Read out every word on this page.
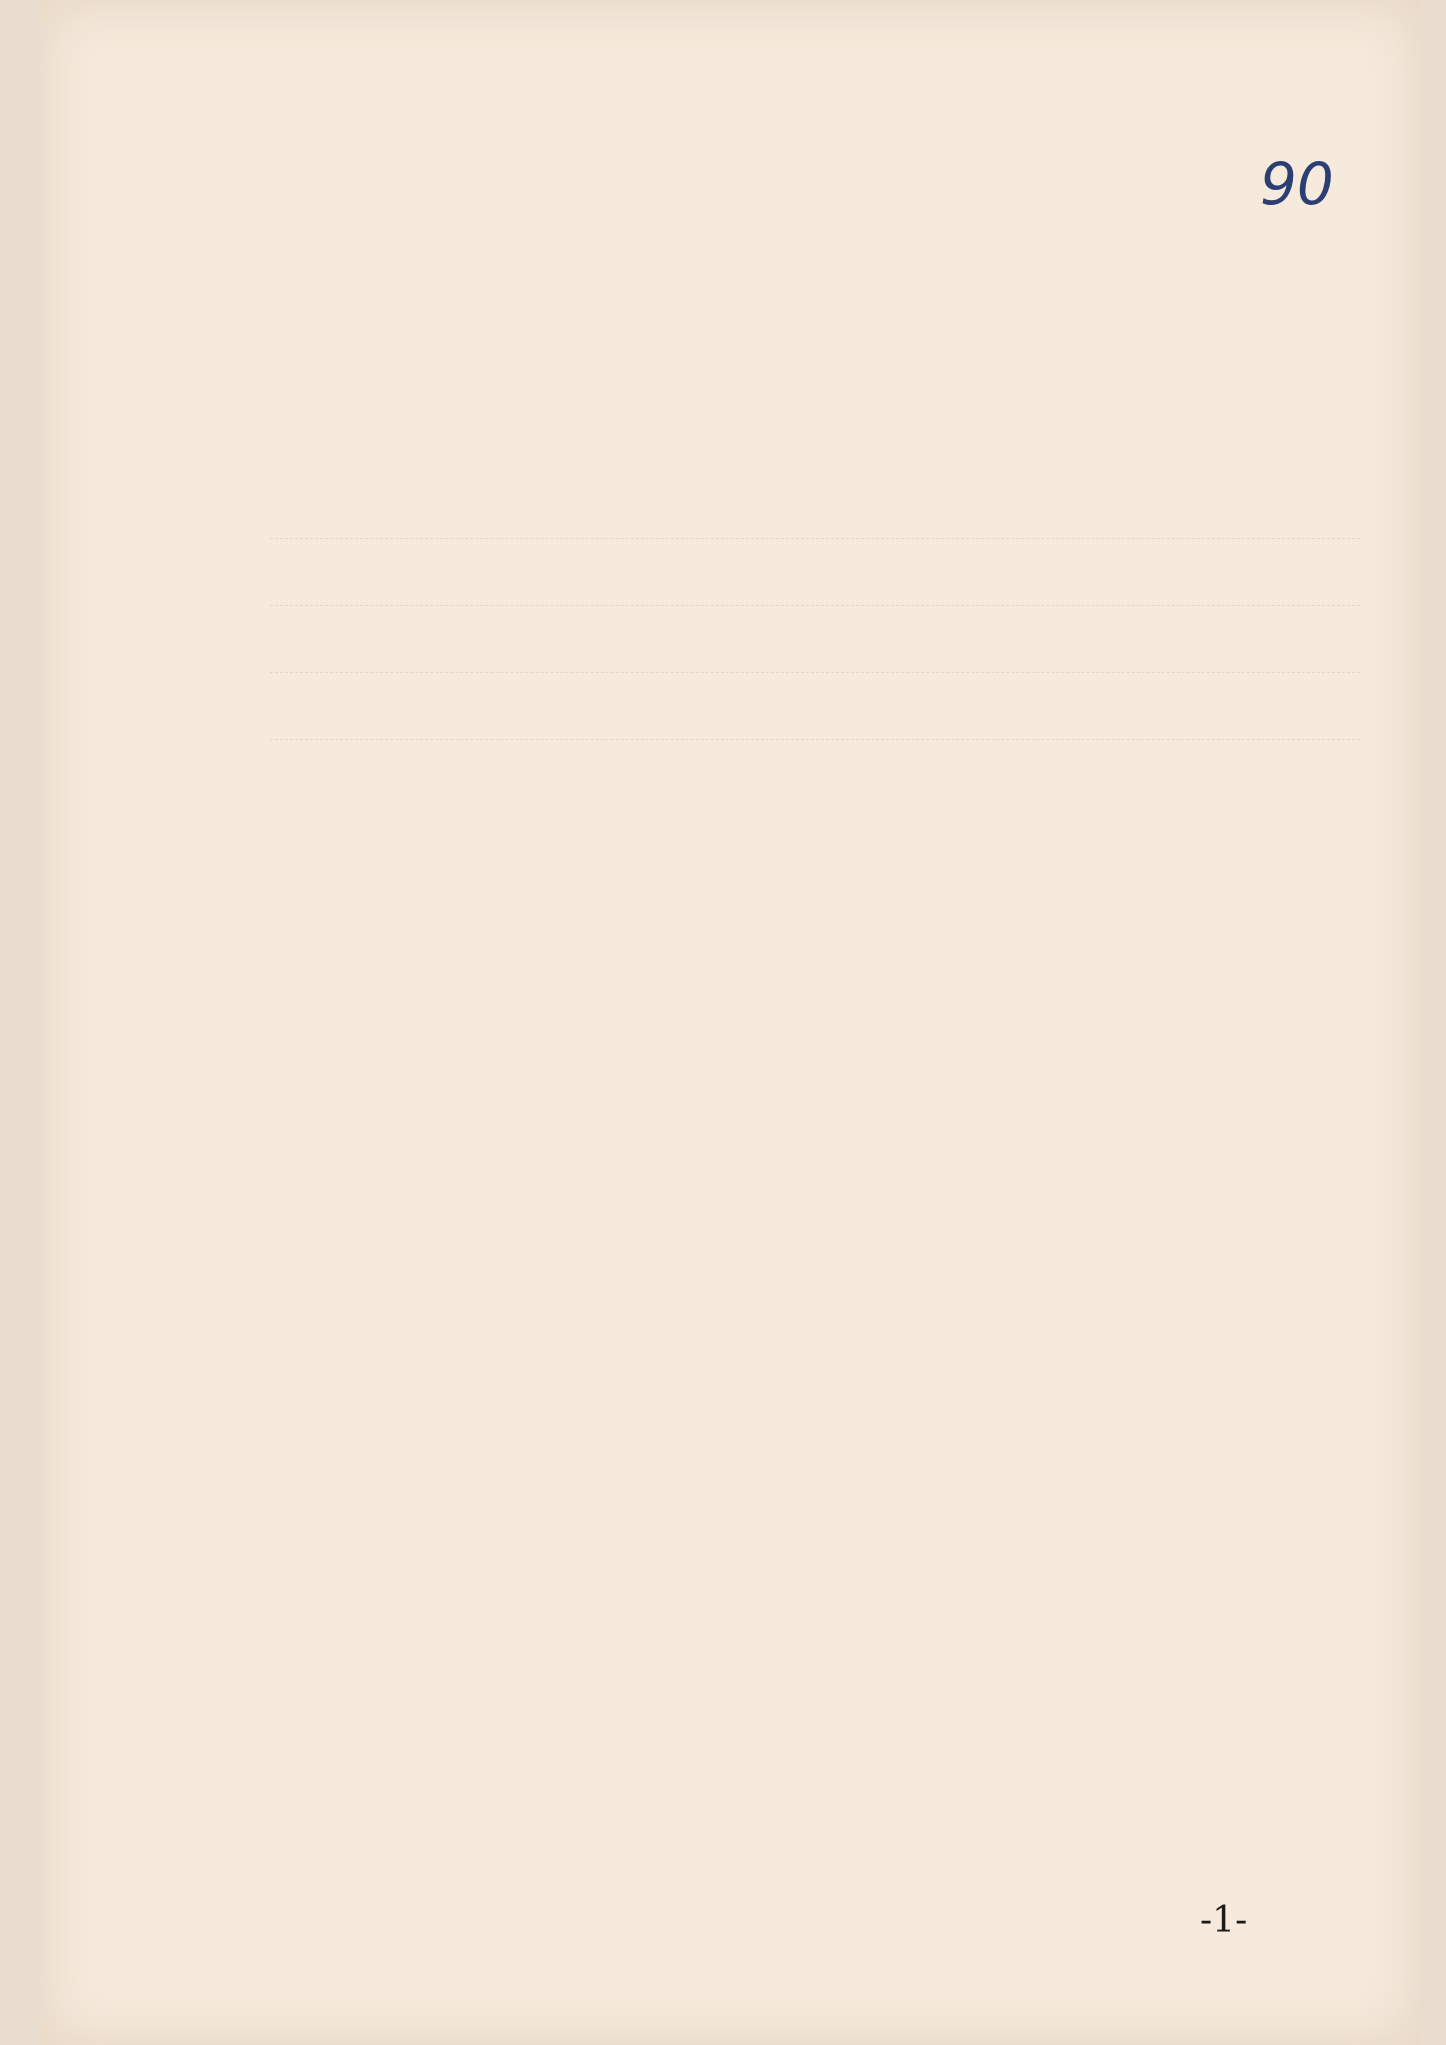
90

-1-
